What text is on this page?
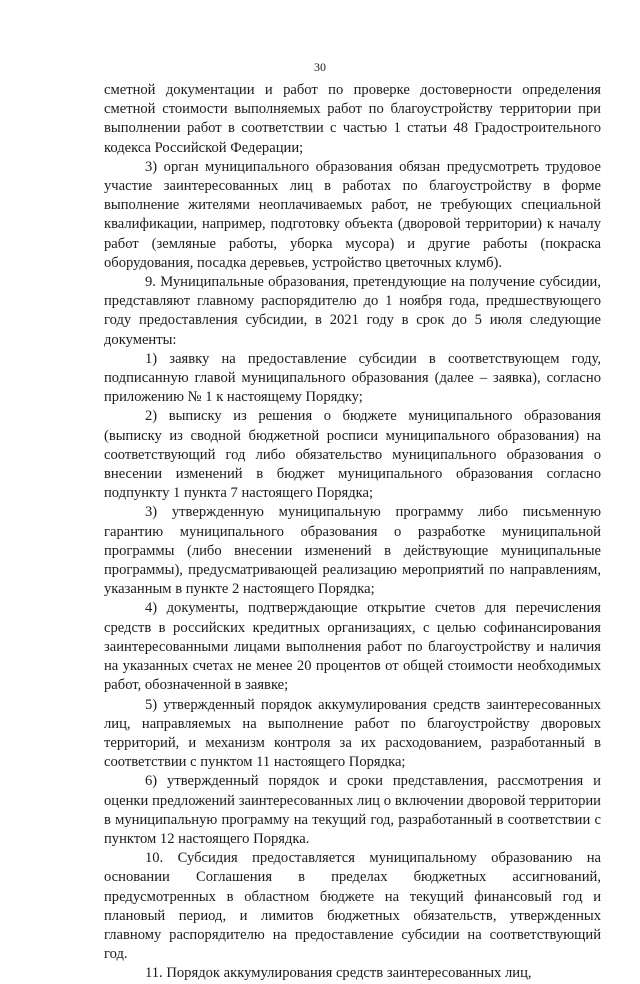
30

сметной документации и работ по проверке достоверности определения сметной стоимости выполняемых работ по благоустройству территории при выполнении работ в соответствии с частью 1 статьи 48 Градостроительного кодекса Российской Федерации;

3) орган муниципального образования обязан предусмотреть трудовое участие заинтересованных лиц в работах по благоустройству в форме выполнение жителями неоплачиваемых работ, не требующих специальной квалификации, например, подготовку объекта (дворовой территории) к началу работ (земляные работы, уборка мусора) и другие работы (покраска оборудования, посадка деревьев, устройство цветочных клумб).

9. Муниципальные образования, претендующие на получение субсидии, представляют главному распорядителю до 1 ноября года, предшествующего году предоставления субсидии, в 2021 году в срок до 5 июля следующие документы:

1) заявку на предоставление субсидии в соответствующем году, подписанную главой муниципального образования (далее – заявка), согласно приложению № 1 к настоящему Порядку;

2) выписку из решения о бюджете муниципального образования (выписку из сводной бюджетной росписи муниципального образования) на соответствующий год либо обязательство муниципального образования о внесении изменений в бюджет муниципального образования согласно подпункту 1 пункта 7 настоящего Порядка;

3) утвержденную муниципальную программу либо письменную гарантию муниципального образования о разработке муниципальной программы (либо внесении изменений в действующие муниципальные программы), предусматривающей реализацию мероприятий по направлениям, указанным в пункте 2 настоящего Порядка;

4) документы, подтверждающие открытие счетов для перечисления средств в российских кредитных организациях, с целью софинансирования заинтересованными лицами выполнения работ по благоустройству и наличия на указанных счетах не менее 20 процентов от общей стоимости необходимых работ, обозначенной в заявке;

5) утвержденный порядок аккумулирования средств заинтересованных лиц, направляемых на выполнение работ по благоустройству дворовых территорий, и механизм контроля за их расходованием, разработанный в соответствии с пунктом 11 настоящего Порядка;

6) утвержденный порядок и сроки представления, рассмотрения и оценки предложений заинтересованных лиц о включении дворовой территории в муниципальную программу на текущий год, разработанный в соответствии с пунктом 12 настоящего Порядка.

10. Субсидия предоставляется муниципальному образованию на основании Соглашения в пределах бюджетных ассигнований, предусмотренных в областном бюджете на текущий финансовый год и плановый период, и лимитов бюджетных обязательств, утвержденных главному распорядителю на предоставление субсидии на соответствующий год.

11. Порядок аккумулирования средств заинтересованных лиц,
